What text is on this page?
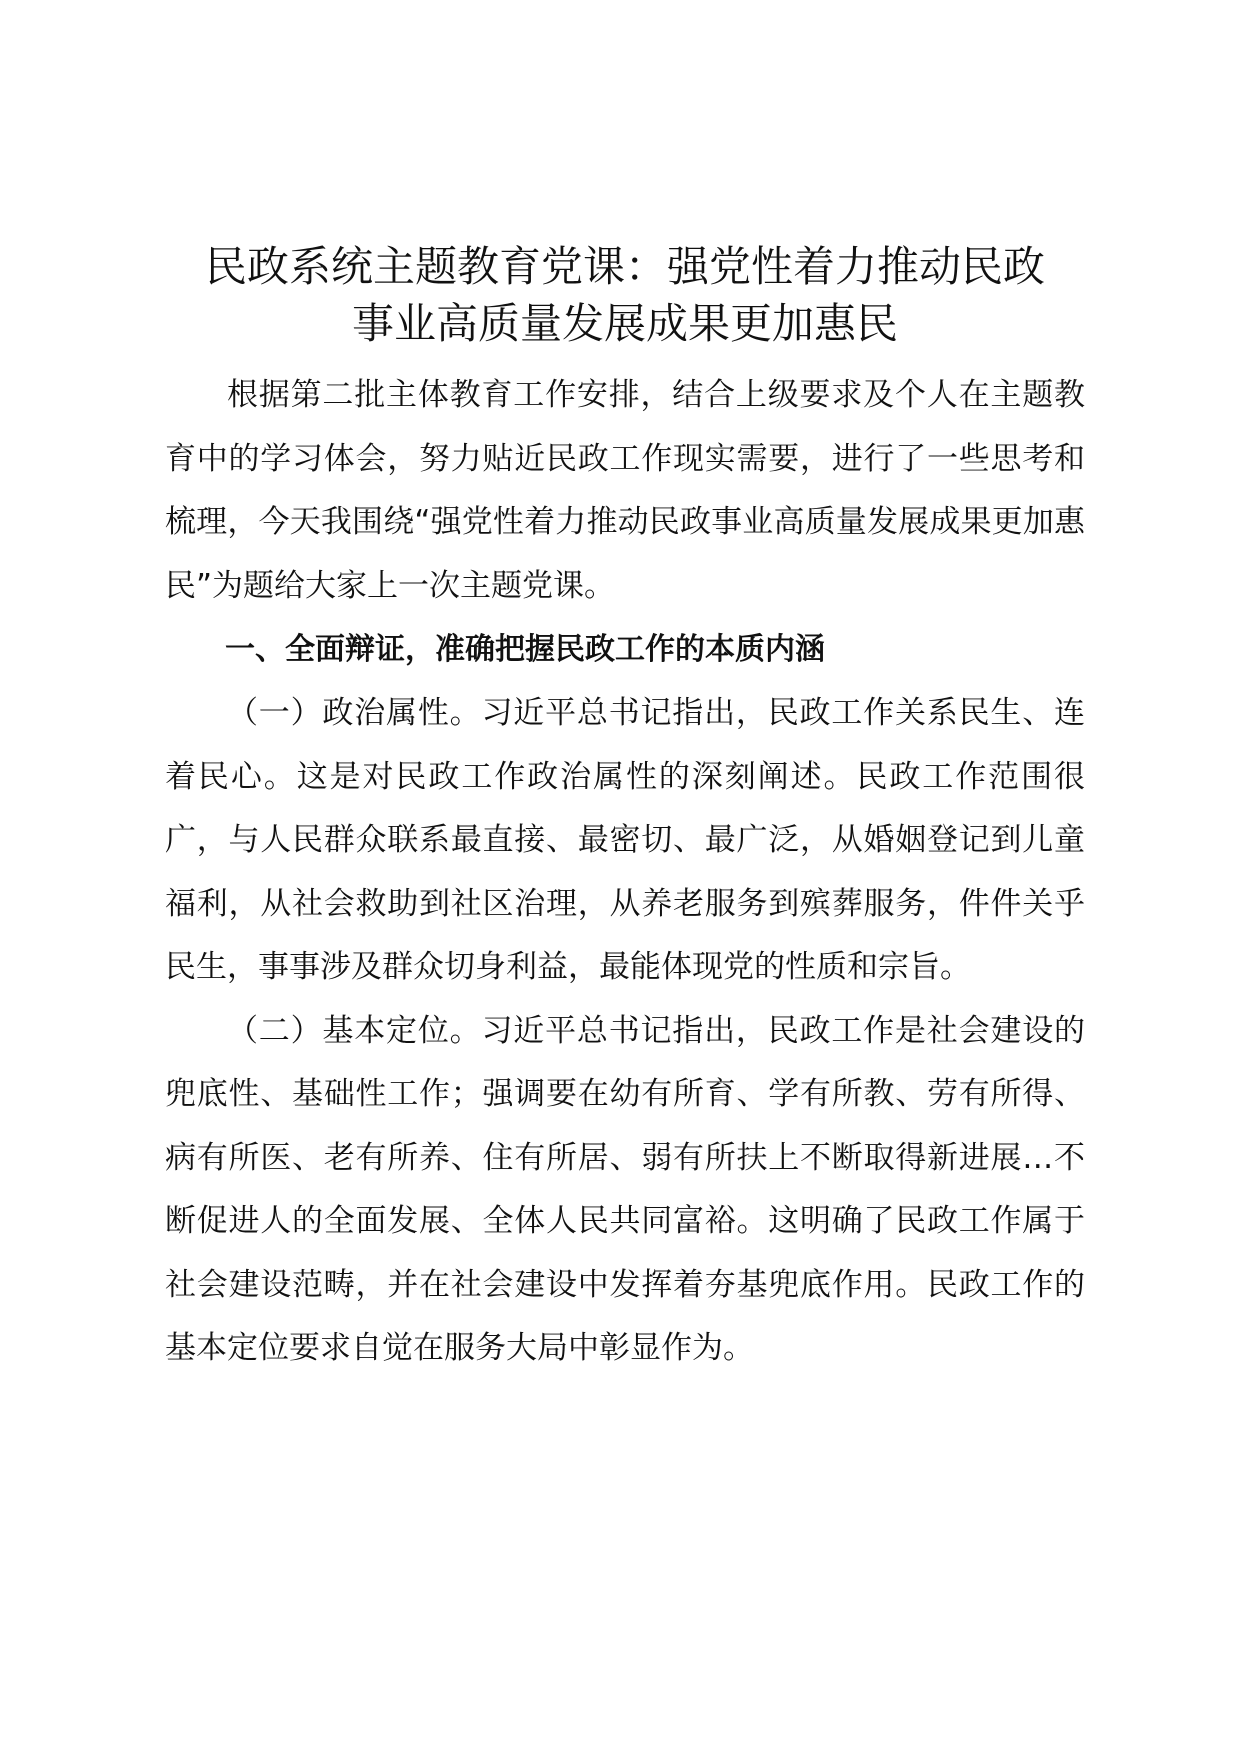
民政系统主题教育党课：强党性着力推动民政
事业高质量发展成果更加惠民

根据第二批主体教育工作安排，结合上级要求及个人在主题教育中的学习体会，努力贴近民政工作现实需要，进行了一些思考和梳理，今天我围绕“强党性着力推动民政事业高质量发展成果更加惠民”为题给大家上一次主题党课。

一、全面辩证，准确把握民政工作的本质内涵

（一）政治属性。习近平总书记指出，民政工作关系民生、连着民心。这是对民政工作政治属性的深刻阐述。民政工作范围很广，与人民群众联系最直接、最密切、最广泛，从婚姻登记到儿童福利，从社会救助到社区治理，从养老服务到殡葬服务，件件关乎民生，事事涉及群众切身利益，最能体现党的性质和宗旨。

（二）基本定位。习近平总书记指出，民政工作是社会建设的兜底性、基础性工作；强调要在幼有所育、学有所教、劳有所得、病有所医、老有所养、住有所居、弱有所扶上不断取得新进展…不断促进人的全面发展、全体人民共同富裕。这明确了民政工作属于社会建设范畴，并在社会建设中发挥着夯基兜底作用。民政工作的基本定位要求自觉在服务大局中彰显作为。
